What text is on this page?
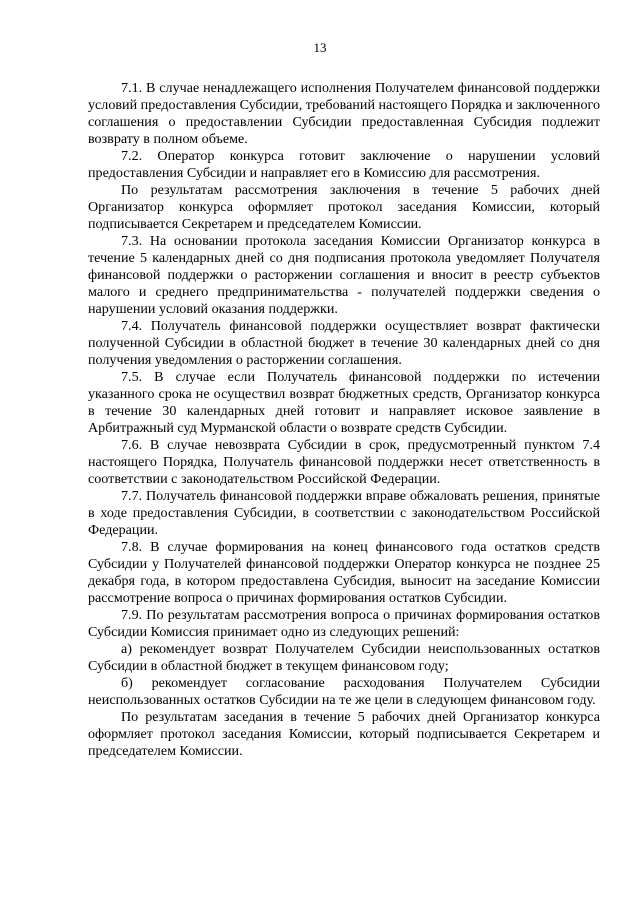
13

7.1. В случае ненадлежащего исполнения Получателем финансовой поддержки условий предоставления Субсидии, требований настоящего Порядка и заключенного соглашения о предоставлении Субсидии предоставленная Субсидия подлежит возврату в полном объеме.

7.2. Оператор конкурса готовит заключение о нарушении условий предоставления Субсидии и направляет его в Комиссию для рассмотрения.

По результатам рассмотрения заключения в течение 5 рабочих дней Организатор конкурса оформляет протокол заседания Комиссии, который подписывается Секретарем и председателем Комиссии.

7.3. На основании протокола заседания Комиссии Организатор конкурса в течение 5 календарных дней со дня подписания протокола уведомляет Получателя финансовой поддержки о расторжении соглашения и вносит в реестр субъектов малого и среднего предпринимательства - получателей поддержки сведения о нарушении условий оказания поддержки.

7.4. Получатель финансовой поддержки осуществляет возврат фактически полученной Субсидии в областной бюджет в течение 30 календарных дней со дня получения уведомления о расторжении соглашения.

7.5. В случае если Получатель финансовой поддержки по истечении указанного срока не осуществил возврат бюджетных средств, Организатор конкурса в течение 30 календарных дней готовит и направляет исковое заявление в Арбитражный суд Мурманской области о возврате средств Субсидии.

7.6. В случае невозврата Субсидии в срок, предусмотренный пунктом 7.4 настоящего Порядка, Получатель финансовой поддержки несет ответственность в соответствии с законодательством Российской Федерации.

7.7. Получатель финансовой поддержки вправе обжаловать решения, принятые в ходе предоставления Субсидии, в соответствии с законодательством Российской Федерации.

7.8. В случае формирования на конец финансового года остатков средств Субсидии у Получателей финансовой поддержки Оператор конкурса не позднее 25 декабря года, в котором предоставлена Субсидия, выносит на заседание Комиссии рассмотрение вопроса о причинах формирования остатков Субсидии.

7.9. По результатам рассмотрения вопроса о причинах формирования остатков Субсидии Комиссия принимает одно из следующих решений:

а) рекомендует возврат Получателем Субсидии неиспользованных остатков Субсидии в областной бюджет в текущем финансовом году;

б) рекомендует согласование расходования Получателем Субсидии неиспользованных остатков Субсидии на те же цели в следующем финансовом году.

По результатам заседания в течение 5 рабочих дней Организатор конкурса оформляет протокол заседания Комиссии, который подписывается Секретарем и председателем Комиссии.
